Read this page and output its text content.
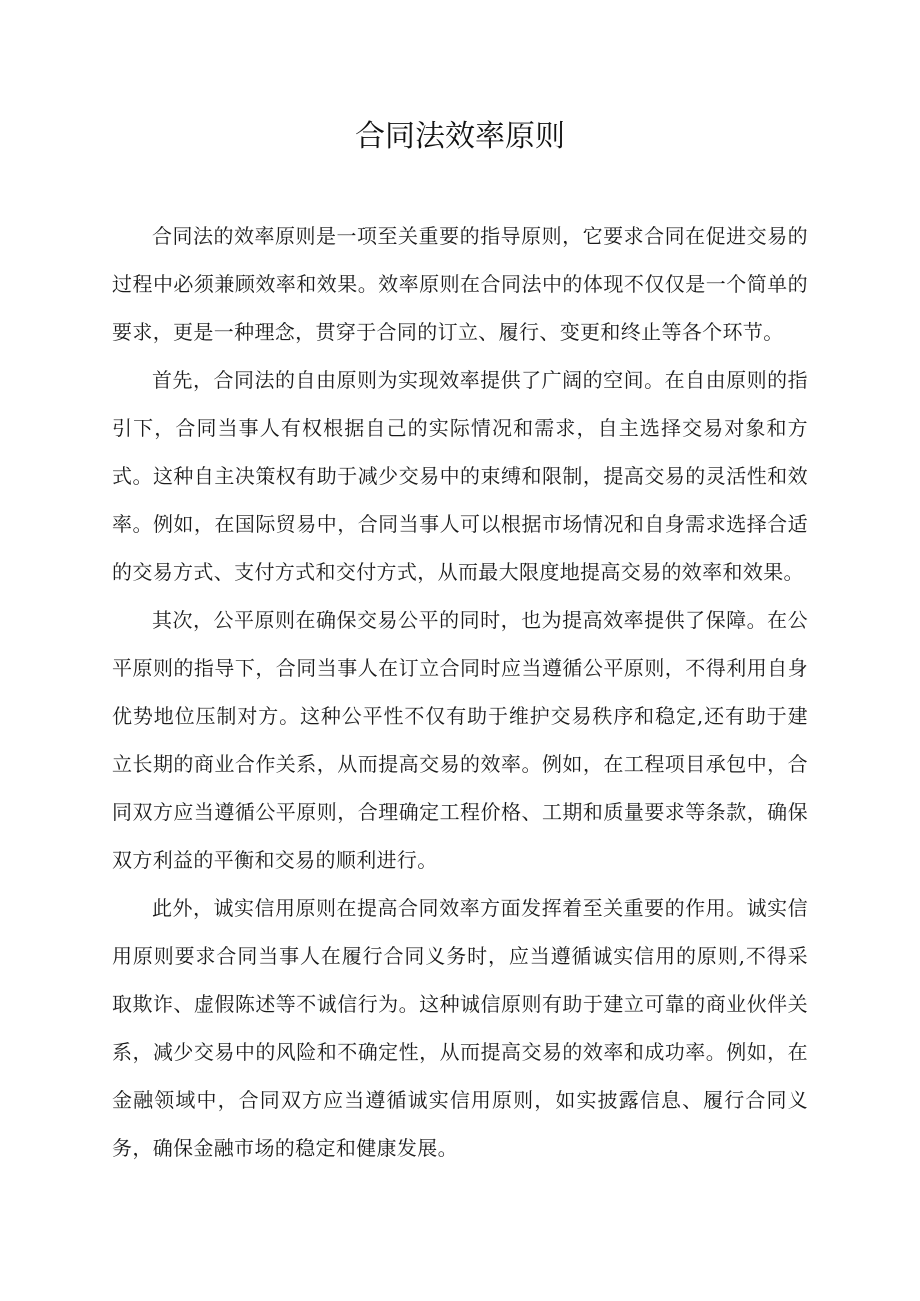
合同法效率原则

合同法的效率原则是一项至关重要的指导原则，它要求合同在促进交易的过程中必须兼顾效率和效果。效率原则在合同法中的体现不仅仅是一个简单的要求，更是一种理念，贯穿于合同的订立、履行、变更和终止等各个环节。

首先，合同法的自由原则为实现效率提供了广阔的空间。在自由原则的指引下，合同当事人有权根据自己的实际情况和需求，自主选择交易对象和方式。这种自主决策权有助于减少交易中的束缚和限制，提高交易的灵活性和效率。例如，在国际贸易中，合同当事人可以根据市场情况和自身需求选择合适的交易方式、支付方式和交付方式，从而最大限度地提高交易的效率和效果。

其次，公平原则在确保交易公平的同时，也为提高效率提供了保障。在公平原则的指导下，合同当事人在订立合同时应当遵循公平原则，不得利用自身优势地位压制对方。这种公平性不仅有助于维护交易秩序和稳定,还有助于建立长期的商业合作关系，从而提高交易的效率。例如，在工程项目承包中，合同双方应当遵循公平原则，合理确定工程价格、工期和质量要求等条款，确保双方利益的平衡和交易的顺利进行。

此外，诚实信用原则在提高合同效率方面发挥着至关重要的作用。诚实信用原则要求合同当事人在履行合同义务时，应当遵循诚实信用的原则,不得采取欺诈、虚假陈述等不诚信行为。这种诚信原则有助于建立可靠的商业伙伴关系，减少交易中的风险和不确定性，从而提高交易的效率和成功率。例如，在金融领域中，合同双方应当遵循诚实信用原则，如实披露信息、履行合同义务，确保金融市场的稳定和健康发展。
